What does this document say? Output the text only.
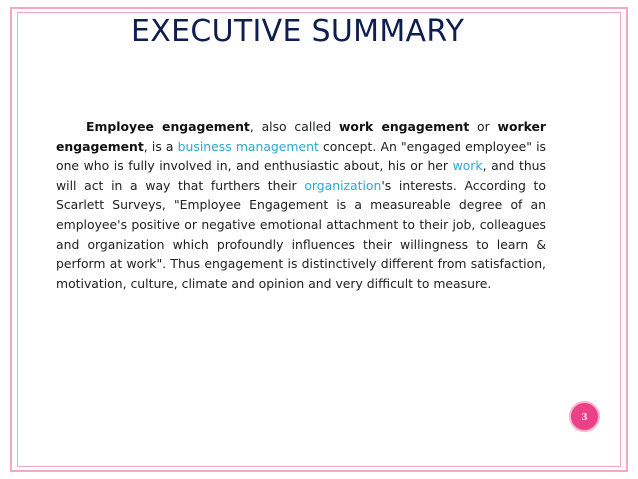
EXECUTIVE SUMMARY
Employee engagement, also called work engagement or worker engagement, is a business management concept. An "engaged employee" is one who is fully involved in, and enthusiastic about, his or her work, and thus will act in a way that furthers their organization's interests. According to Scarlett Surveys, "Employee Engagement is a measureable degree of an employee's positive or negative emotional attachment to their job, colleagues and organization which profoundly influences their willingness to learn & perform at work". Thus engagement is distinctively different from satisfaction, motivation, culture, climate and opinion and very difficult to measure.
3
